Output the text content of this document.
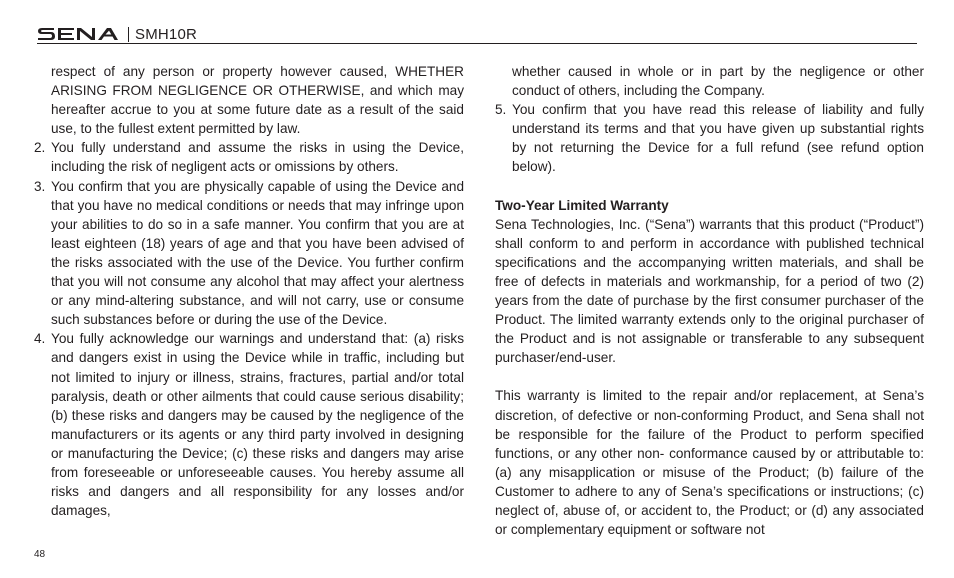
SMH10R

respect of any person or property however caused, WHETHER ARISING FROM NEGLIGENCE OR OTHERWISE, and which may hereafter accrue to you at some future date as a result of the said use, to the fullest extent permitted by law.

2. You fully understand and assume the risks in using the Device, including the risk of negligent acts or omissions by others.
3. You confirm that you are physically capable of using the Device and that you have no medical conditions or needs that may infringe upon your abilities to do so in a safe manner. You confirm that you are at least eighteen (18) years of age and that you have been advised of the risks associated with the use of the Device. You further confirm that you will not consume any alcohol that may affect your alertness or any mind-altering substance, and will not carry, use or consume such substances before or during the use of the Device.
4. You fully acknowledge our warnings and understand that: (a) risks and dangers exist in using the Device while in traffic, including but not limited to injury or illness, strains, fractures, partial and/or total paralysis, death or other ailments that could cause serious disability; (b) these risks and dangers may be caused by the negligence of the manufacturers or its agents or any third party involved in designing or manufacturing the Device; (c) these risks and dangers may arise from foreseeable or unforeseeable causes. You hereby assume all risks and dangers and all responsibility for any losses and/or damages,

whether caused in whole or in part by the negligence or other conduct of others, including the Company.

5. You confirm that you have read this release of liability and fully understand its terms and that you have given up substantial rights by not returning the Device for a full refund (see refund option below).

Two-Year Limited Warranty

Sena Technologies, Inc. (“Sena”) warrants that this product (“Product”) shall conform to and perform in accordance with published technical specifications and the accompanying written materials, and shall be free of defects in materials and workmanship, for a period of two (2) years from the date of purchase by the first consumer purchaser of the Product. The limited warranty extends only to the original purchaser of the Product and is not assignable or transferable to any subsequent purchaser/end-user.

This warranty is limited to the repair and/or replacement, at Sena’s discretion, of defective or non-conforming Product, and Sena shall not be responsible for the failure of the Product to perform specified functions, or any other non- conformance caused by or attributable to: (a) any misapplication or misuse of the Product; (b) failure of the Customer to adhere to any of Sena’s specifications or instructions; (c) neglect of, abuse of, or accident to, the Product; or (d) any associated or complementary equipment or software not

48
